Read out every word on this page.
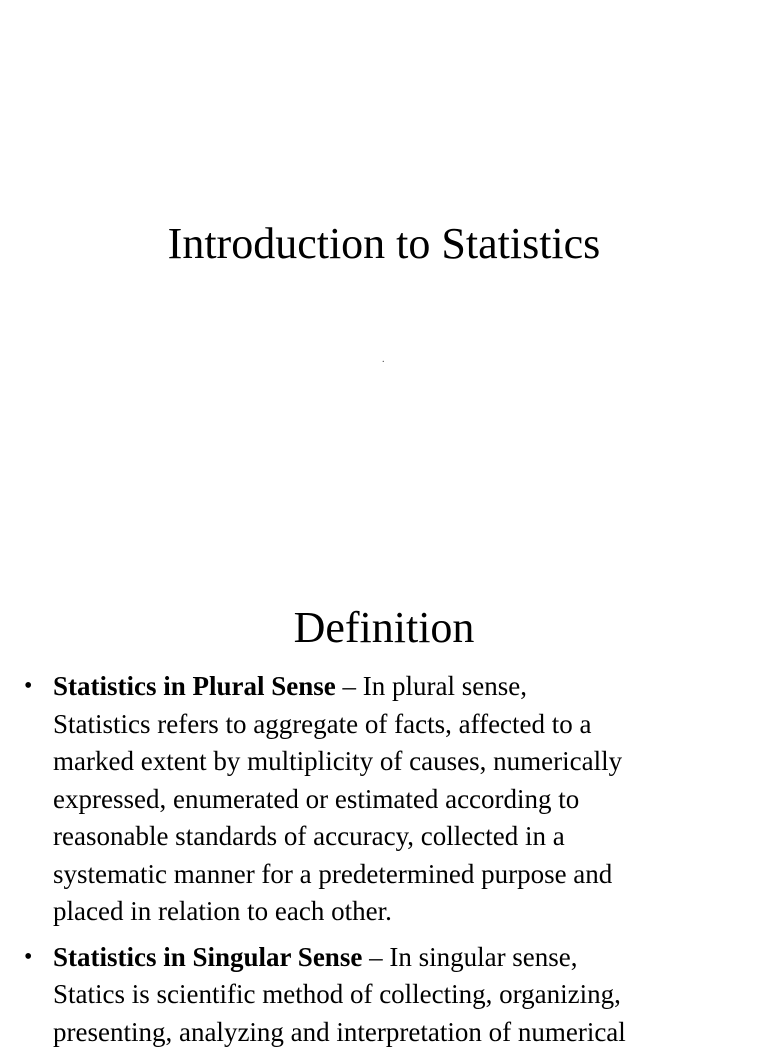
Introduction to Statistics
.
Definition
• Statistics in Plural Sense – In plural sense,
Statistics refers to aggregate of facts, affected to a
marked extent by multiplicity of causes, numerically
expressed, enumerated or estimated according to
reasonable standards of accuracy, collected in a
systematic manner for a predetermined purpose and
placed in relation to each other.
• Statistics in Singular Sense – In singular sense,
Statics is scientific method of collecting, organizing,
presenting, analyzing and interpretation of numerical
